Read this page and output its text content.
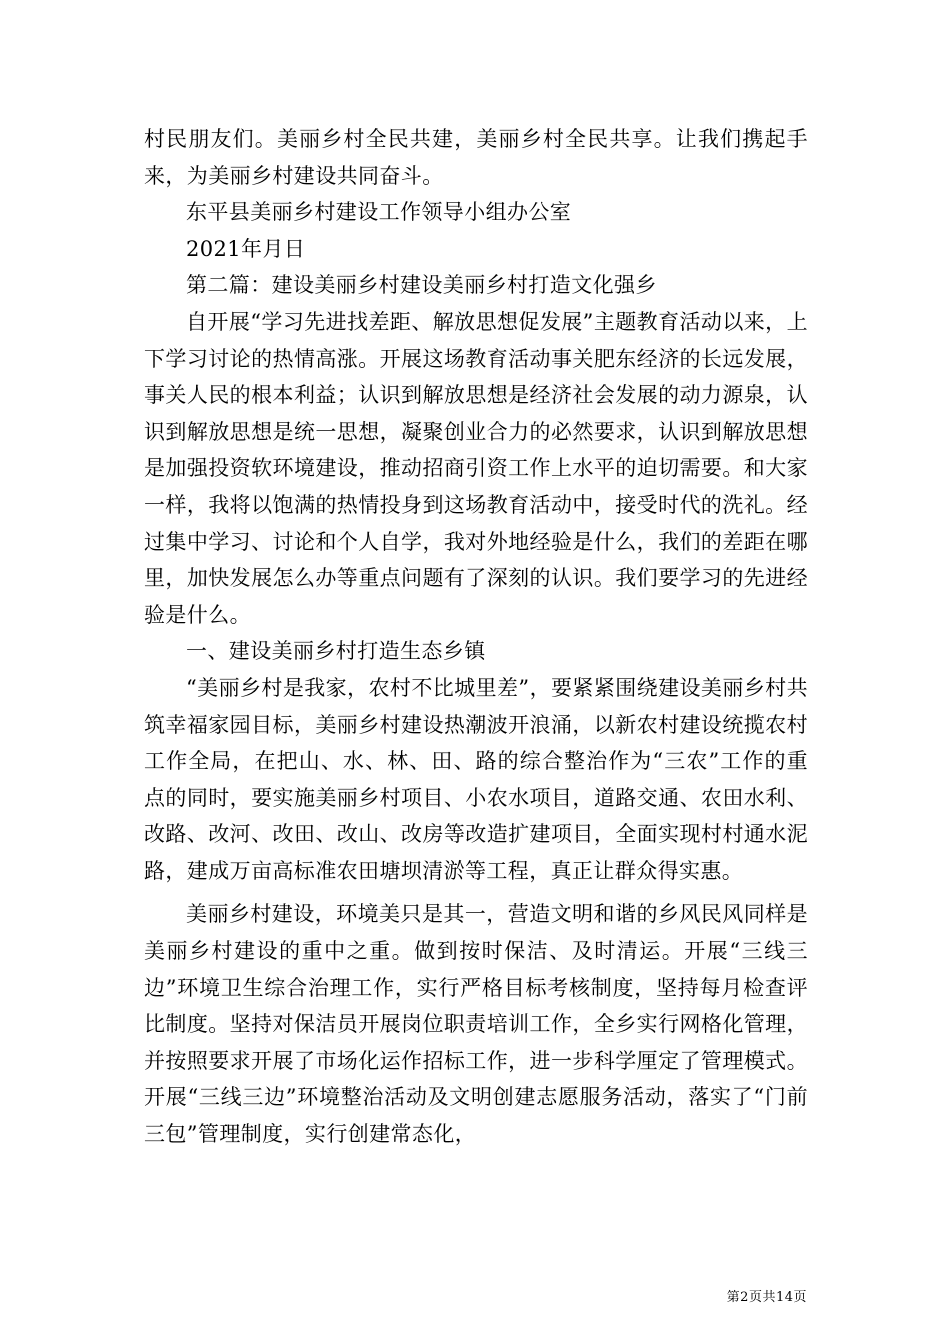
村民朋友们。美丽乡村全民共建，美丽乡村全民共享。让我们携起手来，为美丽乡村建设共同奋斗。

东平县美丽乡村建设工作领导小组办公室

2021年月日

第二篇：建设美丽乡村建设美丽乡村打造文化强乡

自开展“学习先进找差距、解放思想促发展”主题教育活动以来，上下学习讨论的热情高涨。开展这场教育活动事关肥东经济的长远发展，事关人民的根本利益；认识到解放思想是经济社会发展的动力源泉，认识到解放思想是统一思想，凝聚创业合力的必然要求，认识到解放思想是加强投资软环境建设，推动招商引资工作上水平的迫切需要。和大家一样，我将以饱满的热情投身到这场教育活动中，接受时代的洗礼。经过集中学习、讨论和个人自学，我对外地经验是什么，我们的差距在哪里，加快发展怎么办等重点问题有了深刻的认识。我们要学习的先进经验是什么。

一、建设美丽乡村打造生态乡镇

“美丽乡村是我家，农村不比城里差”，要紧紧围绕建设美丽乡村共筑幸福家园目标，美丽乡村建设热潮波开浪涌，以新农村建设统揽农村工作全局，在把山、水、林、田、路的综合整治作为“三农”工作的重点的同时，要实施美丽乡村项目、小农水项目，道路交通、农田水利、改路、改河、改田、改山、改房等改造扩建项目，全面实现村村通水泥路，建成万亩高标准农田塘坝清淤等工程，真正让群众得实惠。

美丽乡村建设，环境美只是其一，营造文明和谐的乡风民风同样是美丽乡村建设的重中之重。做到按时保洁、及时清运。开展“三线三边”环境卫生综合治理工作，实行严格目标考核制度，坚持每月检查评比制度。坚持对保洁员开展岗位职责培训工作，全乡实行网格化管理，并按照要求开展了市场化运作招标工作，进一步科学厘定了管理模式。开展“三线三边”环境整治活动及文明创建志愿服务活动，落实了“门前三包”管理制度，实行创建常态化，

第2页共14页
